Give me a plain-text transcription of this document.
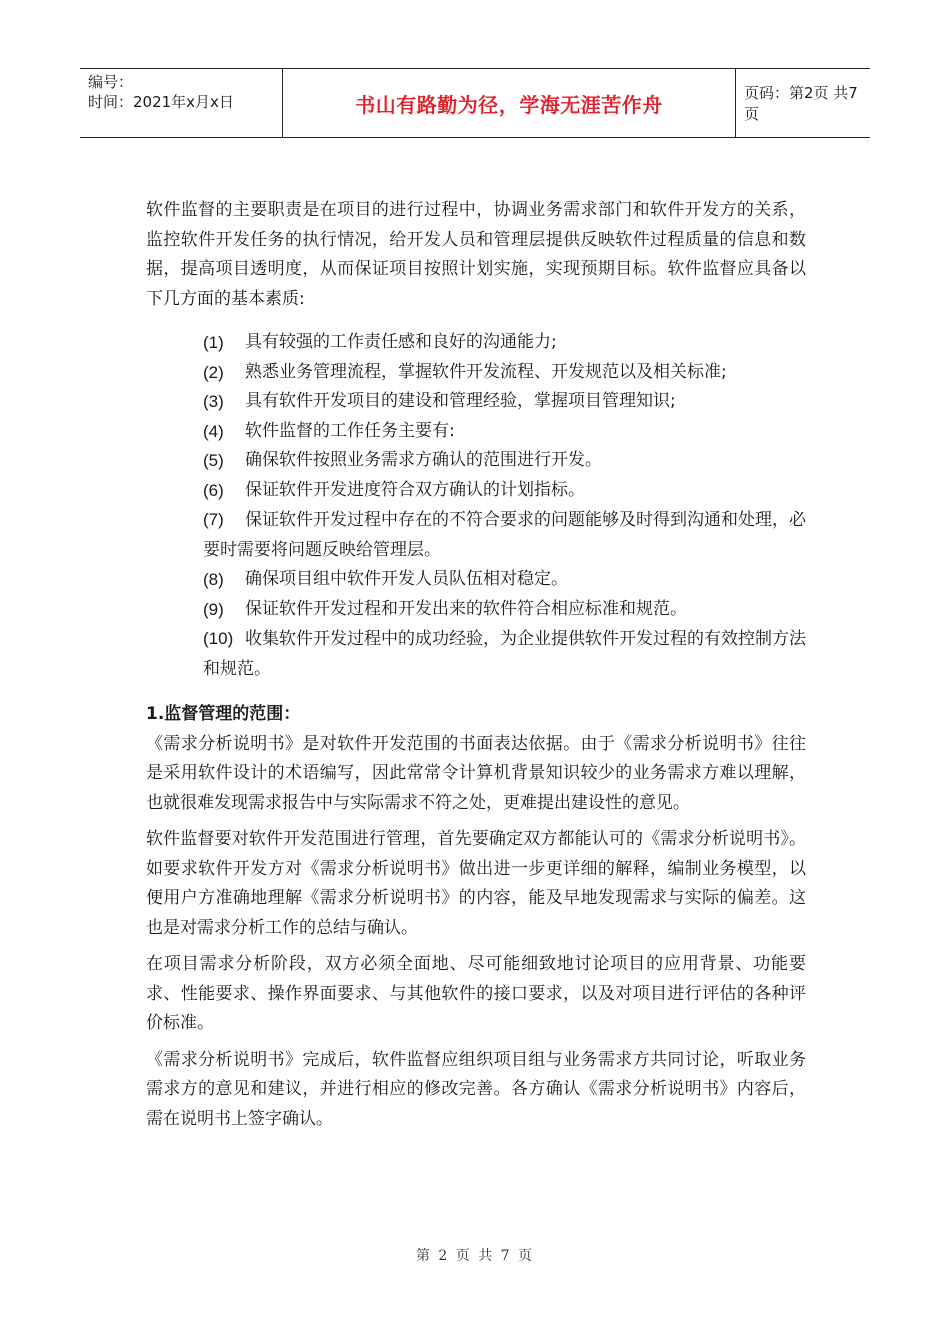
编号：
时间：2021年x月x日	书山有路勤为径，学海无涯苦作舟	页码：第2页 共7页

软件监督的主要职责是在项目的进行过程中，协调业务需求部门和软件开发方的关系，监控软件开发任务的执行情况，给开发人员和管理层提供反映软件过程质量的信息和数据，提高项目透明度，从而保证项目按照计划实施，实现预期目标。软件监督应具备以下几方面的基本素质:

(1)	具有较强的工作责任感和良好的沟通能力;
(2)	熟悉业务管理流程，掌握软件开发流程、开发规范以及相关标准;
(3)	具有软件开发项目的建设和管理经验，掌握项目管理知识;
(4)	软件监督的工作任务主要有:
(5)	确保软件按照业务需求方确认的范围进行开发。
(6)	保证软件开发进度符合双方确认的计划指标。
(7) 保证软件开发过程中存在的不符合要求的问题能够及时得到沟通和处理，必要时需要将问题反映给管理层。
(8)	确保项目组中软件开发人员队伍相对稳定。
(9)	保证软件开发过程和开发出来的软件符合相应标准和规范。
(10) 收集软件开发过程中的成功经验，为企业提供软件开发过程的有效控制方法和规范。
1.监督管理的范围：

《需求分析说明书》是对软件开发范围的书面表达依据。由于《需求分析说明书》往往是采用软件设计的术语编写，因此常常令计算机背景知识较少的业务需求方难以理解，也就很难发现需求报告中与实际需求不符之处，更难提出建设性的意见。

软件监督要对软件开发范围进行管理，首先要确定双方都能认可的《需求分析说明书》。如要求软件开发方对《需求分析说明书》做出进一步更详细的解释，编制业务模型，以便用户方准确地理解《需求分析说明书》的内容，能及早地发现需求与实际的偏差。这也是对需求分析工作的总结与确认。

在项目需求分析阶段，双方必须全面地、尽可能细致地讨论项目的应用背景、功能要求、性能要求、操作界面要求、与其他软件的接口要求，以及对项目进行评估的各种评价标准。

《需求分析说明书》完成后，软件监督应组织项目组与业务需求方共同讨论，听取业务需求方的意见和建议，并进行相应的修改完善。各方确认《需求分析说明书》内容后，需在说明书上签字确认。

第 2 页 共 7 页
